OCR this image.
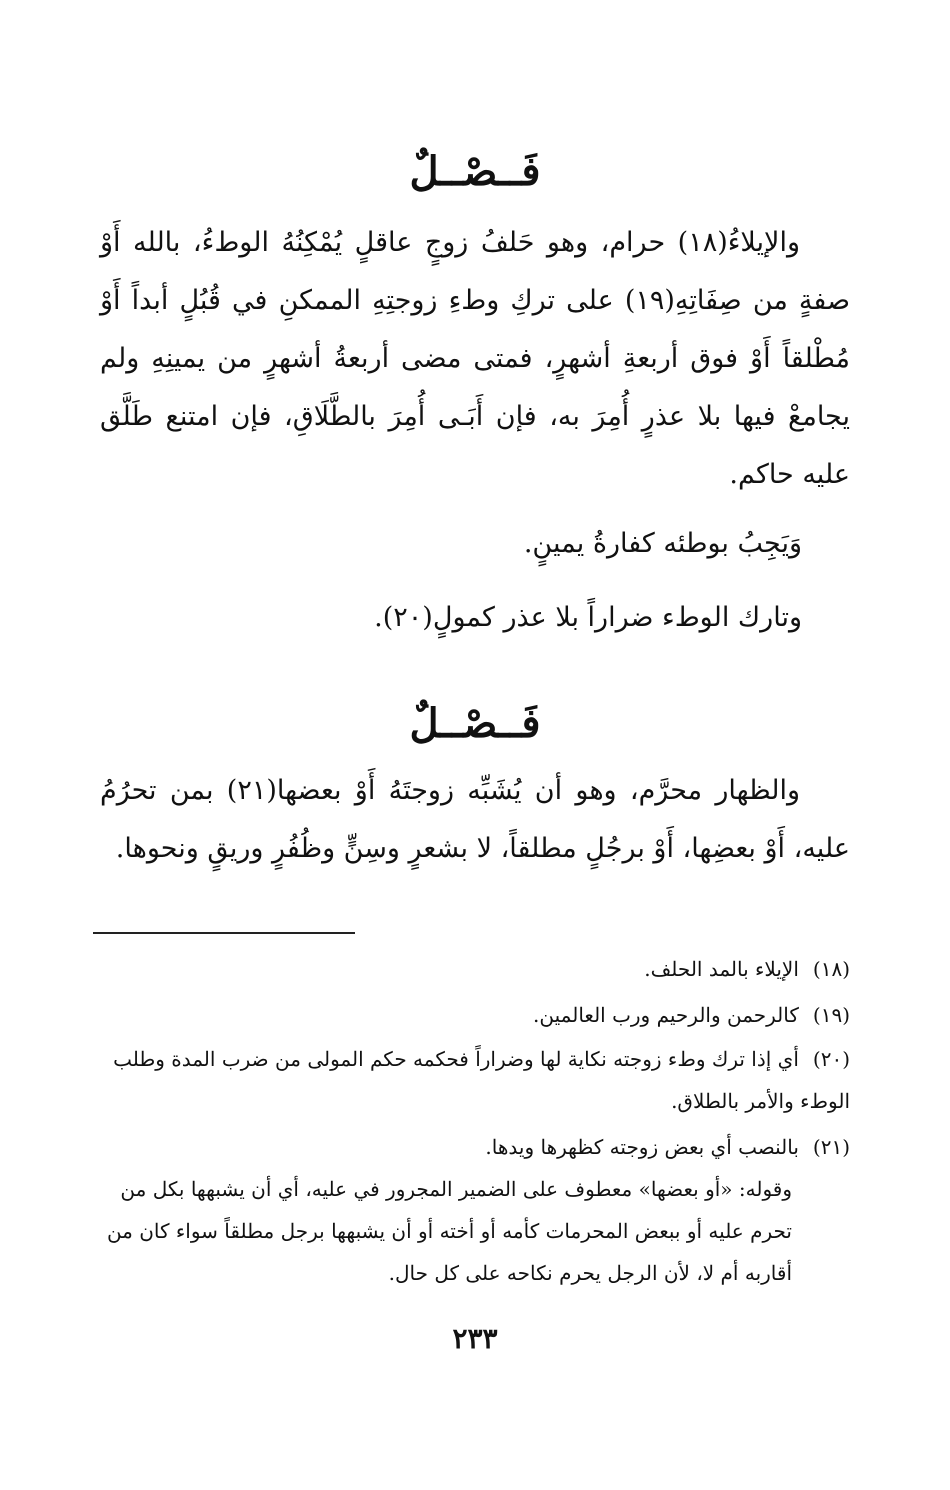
فَــصْــلٌ
والإيلاءُ(١٨) حرام، وهو حَلفُ زوجٍ عاقلٍ يُمْكِنُهُ الوطءُ، بالله أَوْ صفةٍ من صِفَاتِهِ(١٩) على تركِ وطءِ زوجتِهِ الممكنِ في قُبُلٍ أبداً أَوْ مُطْلقاً أَوْ فوق أربعةِ أشهرٍ، فمتى مضى أربعةُ أشهرٍ من يمينِهِ ولم يجامعْ فيها بلا عذرٍ أُمِرَ به، فإن أَبَـى أُمِرَ بالطَّلَاقِ، فإن امتنع طَلَّق عليه حاكم.
وَيَجِبُ بوطئه كفارةُ يمينٍ.
وتارك الوطء ضراراً بلا عذر كمولٍ(٢٠).
فَــصْــلٌ
والظهار محرَّم، وهو أن يُشَبِّه زوجتَهُ أَوْ بعضها(٢١) بمن تحرُمُ عليه، أَوْ بعضِها، أَوْ برجُلٍ مطلقاً، لا بشعرٍ وسِنٍّ وظُفُرٍ وريقٍ ونحوها.
(١٨)الإيلاء بالمد الحلف.
(١٩)كالرحمن والرحيم ورب العالمين.
(٢٠)أي إذا ترك وطء زوجته نكاية لها وضراراً فحكمه حكم المولى من ضرب المدة وطلب الوطء والأمر بالطلاق.
(٢١)بالنصب أي بعض زوجته كظهرها ويدها.
وقوله: «أو بعضها» معطوف على الضمير المجرور في عليه، أي أن يشبهها بكل من تحرم عليه أو ببعض المحرمات كأمه أو أخته أو أن يشبهها برجل مطلقاً سواء كان من أقاربه أم لا، لأن الرجل يحرم نكاحه على كل حال.
٢٣٣
